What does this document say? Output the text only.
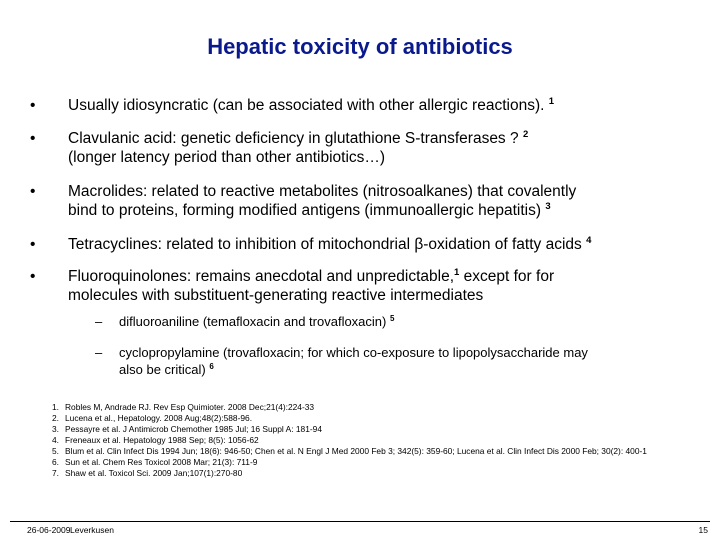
Hepatic toxicity of antibiotics
• Usually idiosyncratic (can be associated with other allergic reactions). $^1$
• Clavulanic acid: genetic deficiency in glutathione S-transferases ? $^2$
(longer latency period than other antibiotics…)
• Macrolides: related to reactive metabolites (nitrosoalkanes) that covalently
bind to proteins, forming modified antigens (immunoallergic hepatitis) $^3$
• Tetracyclines: related to inhibition of mitochondrial β-oxidation of fatty acids $^4$
• Fluoroquinolones: remains anecdotal and unpredictable,$^1$ except for for
molecules with substituent-generating reactive intermediates
– difluoroaniline (temafloxacin and trovafloxacin) $^5$
– cyclopropylamine (trovafloxacin; for which co-exposure to lipopolysaccharide may
also be critical) $^6$
1. Robles M, Andrade RJ. Rev Esp Quimioter. 2008 Dec;21(4):224-33
2. Lucena et al., Hepatology. 2008 Aug;48(2):588-96.
3. Pessayre et al. J Antimicrob Chemother 1985 Jul; 16 Suppl A: 181-94
4. Freneaux et al. Hepatology 1988 Sep; 8(5): 1056-62
5. Blum et al. Clin Infect Dis 1994 Jun; 18(6): 946-50; Chen et al. N Engl J Med 2000 Feb 3; 342(5): 359-60; Lucena et al. Clin Infect Dis 2000 Feb; 30(2): 400-1
6. Sun et al. Chem Res Toxicol 2008 Mar; 21(3): 711-9
7. Shaw et al. Toxicol Sci. 2009 Jan;107(1):270-80
26-06-2009 Leverkusen	15
